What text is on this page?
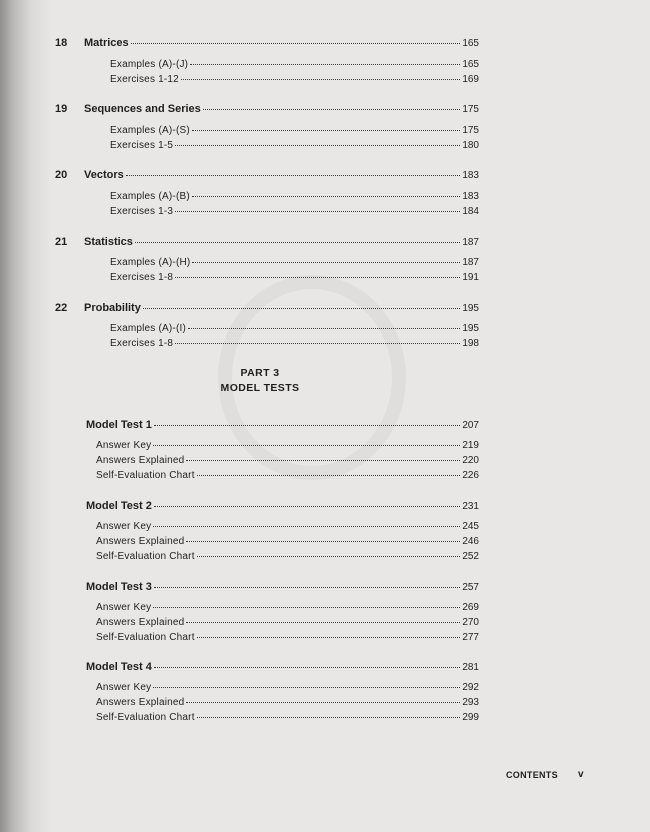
18 Matrices	165
Examples (A)-(J)	165
Exercises 1-12	169
19 Sequences and Series	175
Examples (A)-(S)	175
Exercises 1-5	180
20 Vectors	183
Examples (A)-(B)	183
Exercises 1-3	184
21 Statistics	187
Examples (A)-(H)	187
Exercises 1-8	191
22 Probability	195
Examples (A)-(I)	195
Exercises 1-8	198
PART 3
MODEL TESTS
Model Test 1	207
Answer Key	219
Answers Explained	220
Self-Evaluation Chart	226
Model Test 2	231
Answer Key	245
Answers Explained	246
Self-Evaluation Chart	252
Model Test 3	257
Answer Key	269
Answers Explained	270
Self-Evaluation Chart	277
Model Test 4	281
Answer Key	292
Answers Explained	293
Self-Evaluation Chart	299
CONTENTS v
